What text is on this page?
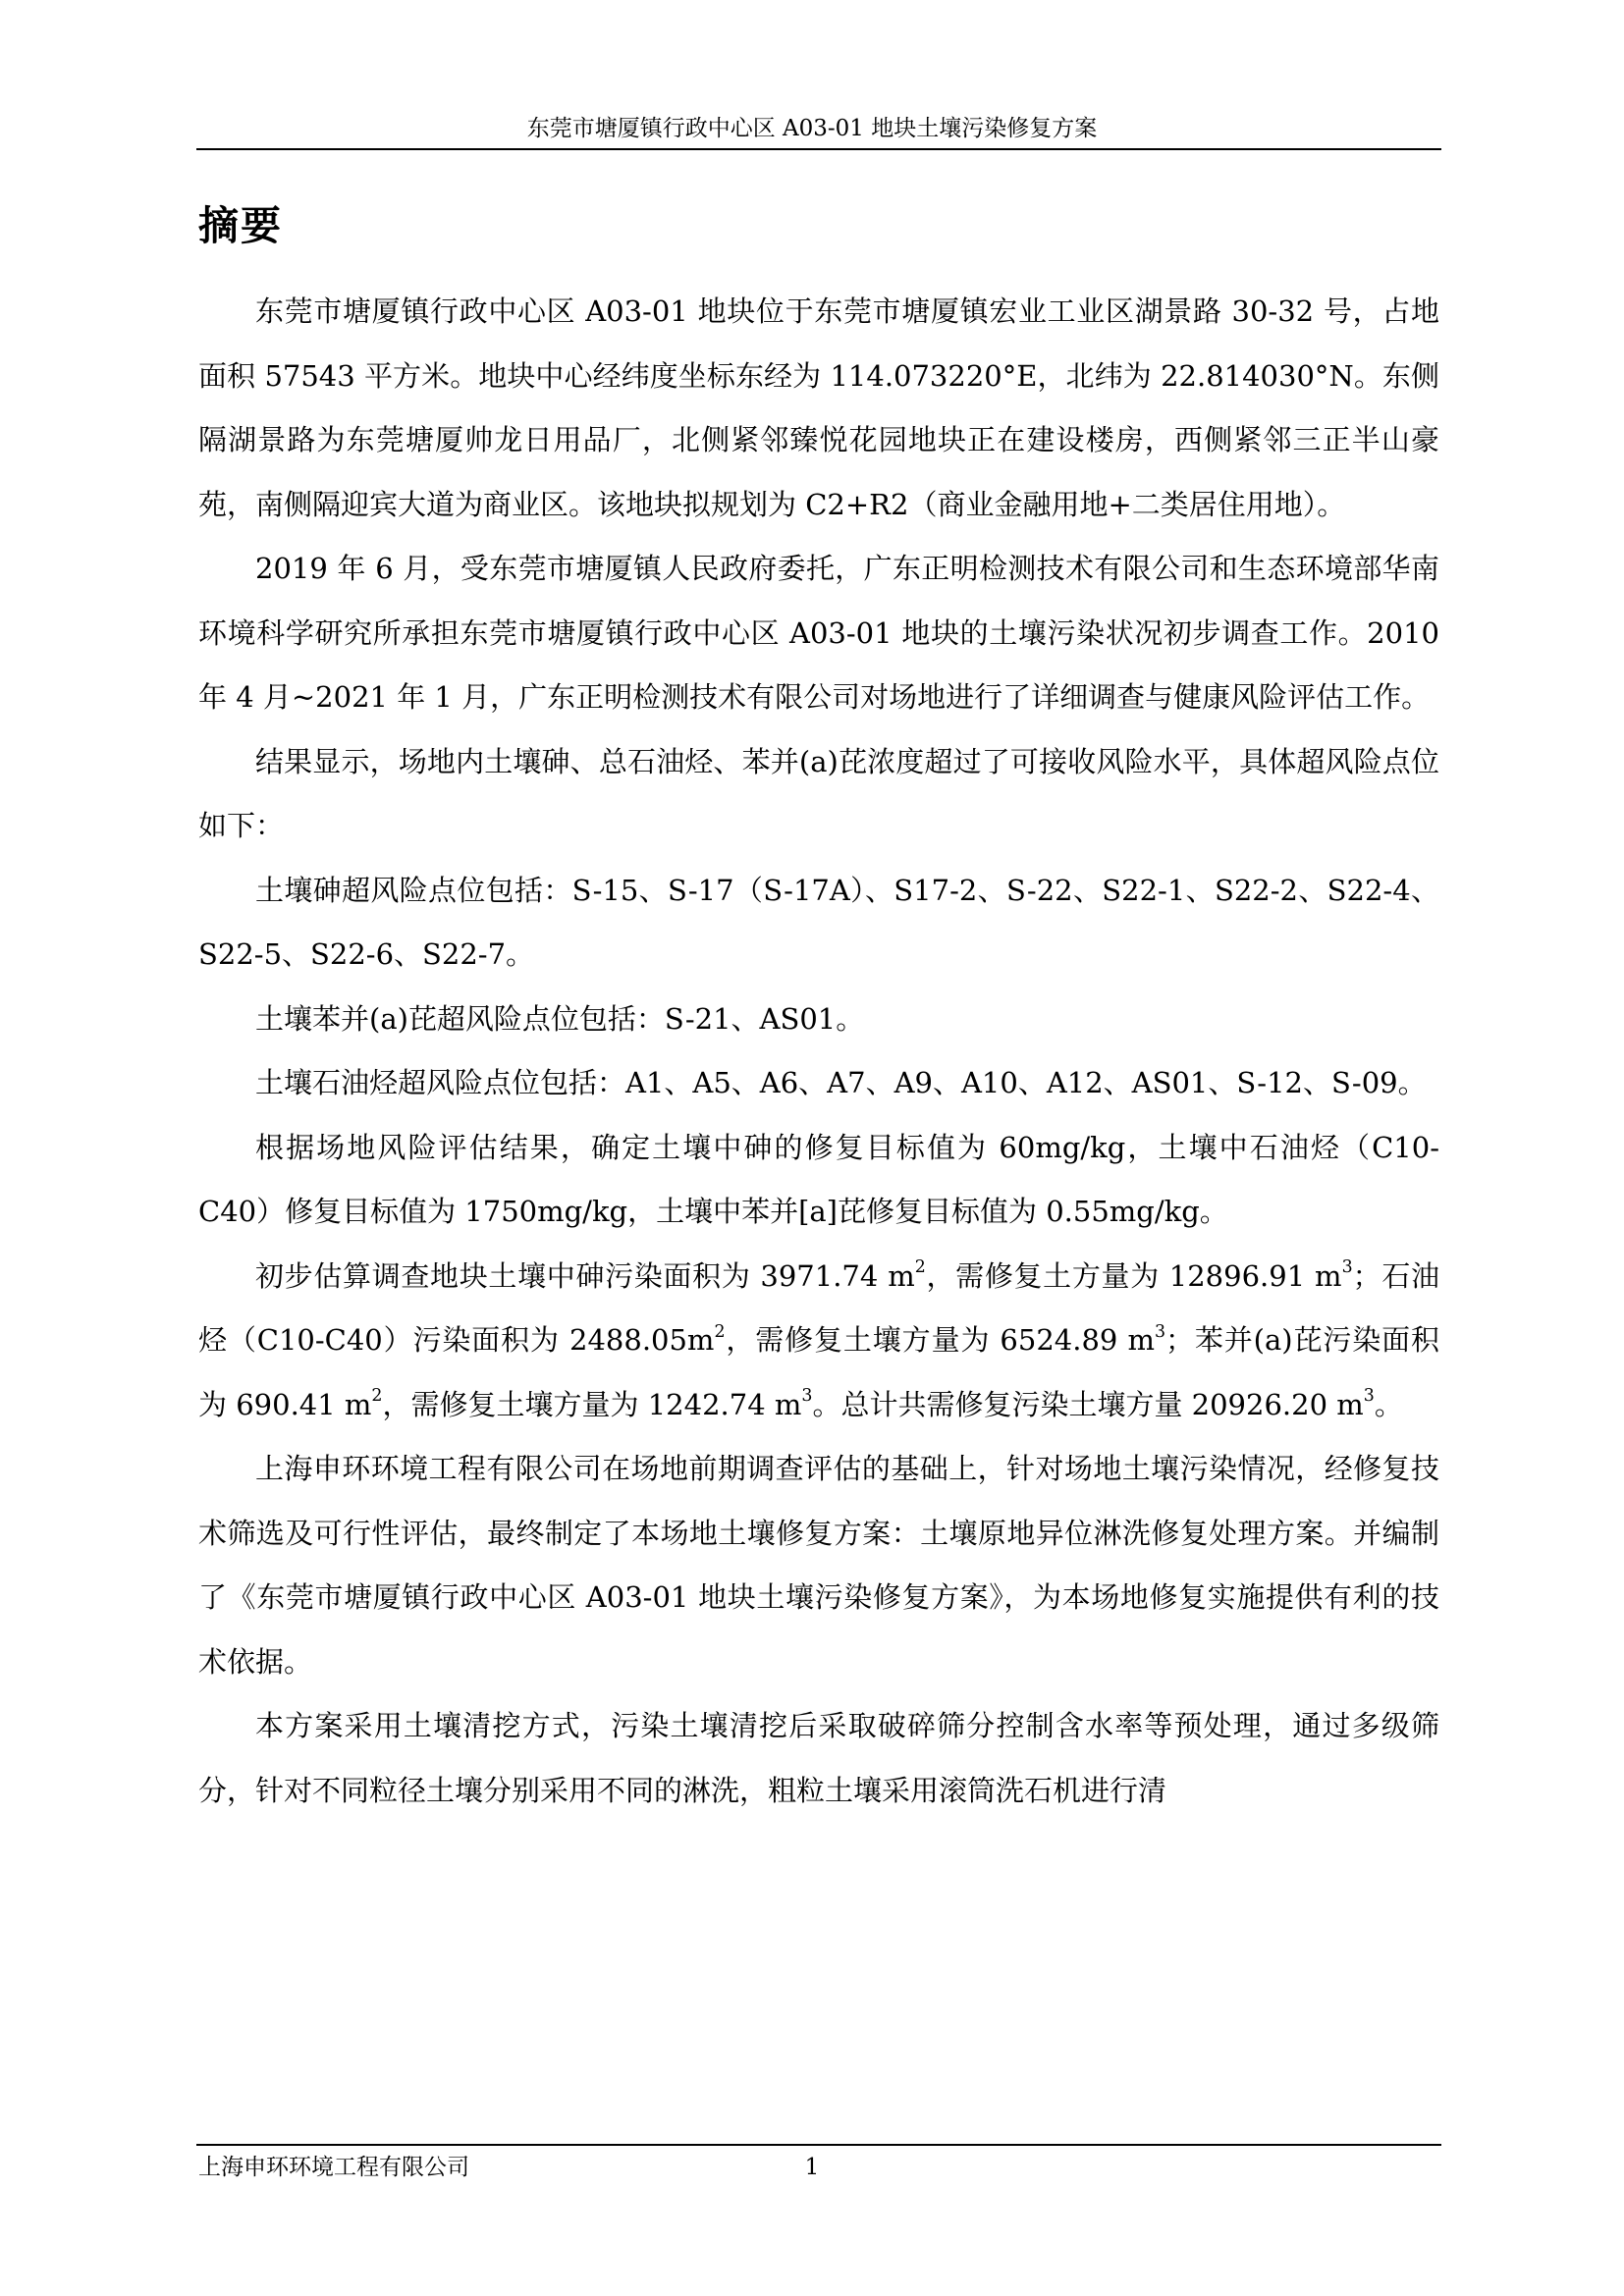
东莞市塘厦镇行政中心区 A03-01 地块土壤污染修复方案
摘要

东莞市塘厦镇行政中心区 A03-01 地块位于东莞市塘厦镇宏业工业区湖景路 30-32 号，占地面积 57543 平方米。地块中心经纬度坐标东经为 114.073220°E，北纬为 22.814030°N。东侧隔湖景路为东莞塘厦帅龙日用品厂，北侧紧邻臻悦花园地块正在建设楼房，西侧紧邻三正半山豪苑，南侧隔迎宾大道为商业区。该地块拟规划为 C2+R2（商业金融用地+二类居住用地）。

2019 年 6 月，受东莞市塘厦镇人民政府委托，广东正明检测技术有限公司和生态环境部华南环境科学研究所承担东莞市塘厦镇行政中心区 A03-01 地块的土壤污染状况初步调查工作。2010 年 4 月~2021 年 1 月，广东正明检测技术有限公司对场地进行了详细调查与健康风险评估工作。

结果显示，场地内土壤砷、总石油烃、苯并(a)芘浓度超过了可接收风险水平，具体超风险点位如下：

土壤砷超风险点位包括：S-15、S-17（S-17A）、S17-2、S-22、S22-1、S22-2、S22-4、S22-5、S22-6、S22-7。

土壤苯并(a)芘超风险点位包括：S-21、AS01。

土壤石油烃超风险点位包括：A1、A5、A6、A7、A9、A10、A12、AS01、S-12、S-09。

根据场地风险评估结果，确定土壤中砷的修复目标值为 60mg/kg，土壤中石油烃（C10-C40）修复目标值为 1750mg/kg，土壤中苯并[a]芘修复目标值为 0.55mg/kg。

初步估算调查地块土壤中砷污染面积为 3971.74 $m^2$，需修复土方量为 12896.91 $m^3$；石油烃（C10-C40）污染面积为 $2488.05m^2$，需修复土壤方量为 6524.89 $m^3$；苯并(a)芘污染面积为 690.41 $m^2$，需修复土壤方量为 1242.74 $m^3$。总计共需修复污染土壤方量 20926.20 $m^3$。

上海申环环境工程有限公司在场地前期调查评估的基础上，针对场地土壤污染情况，经修复技术筛选及可行性评估，最终制定了本场地土壤修复方案：土壤原地异位淋洗修复处理方案。并编制了《东莞市塘厦镇行政中心区 A03-01 地块土壤污染修复方案》，为本场地修复实施提供有利的技术依据。

本方案采用土壤清挖方式，污染土壤清挖后采取破碎筛分控制含水率等预处理，通过多级筛分，针对不同粒径土壤分别采用不同的淋洗，粗粒土壤采用滚筒洗石机进行清

上海申环环境工程有限公司	1
